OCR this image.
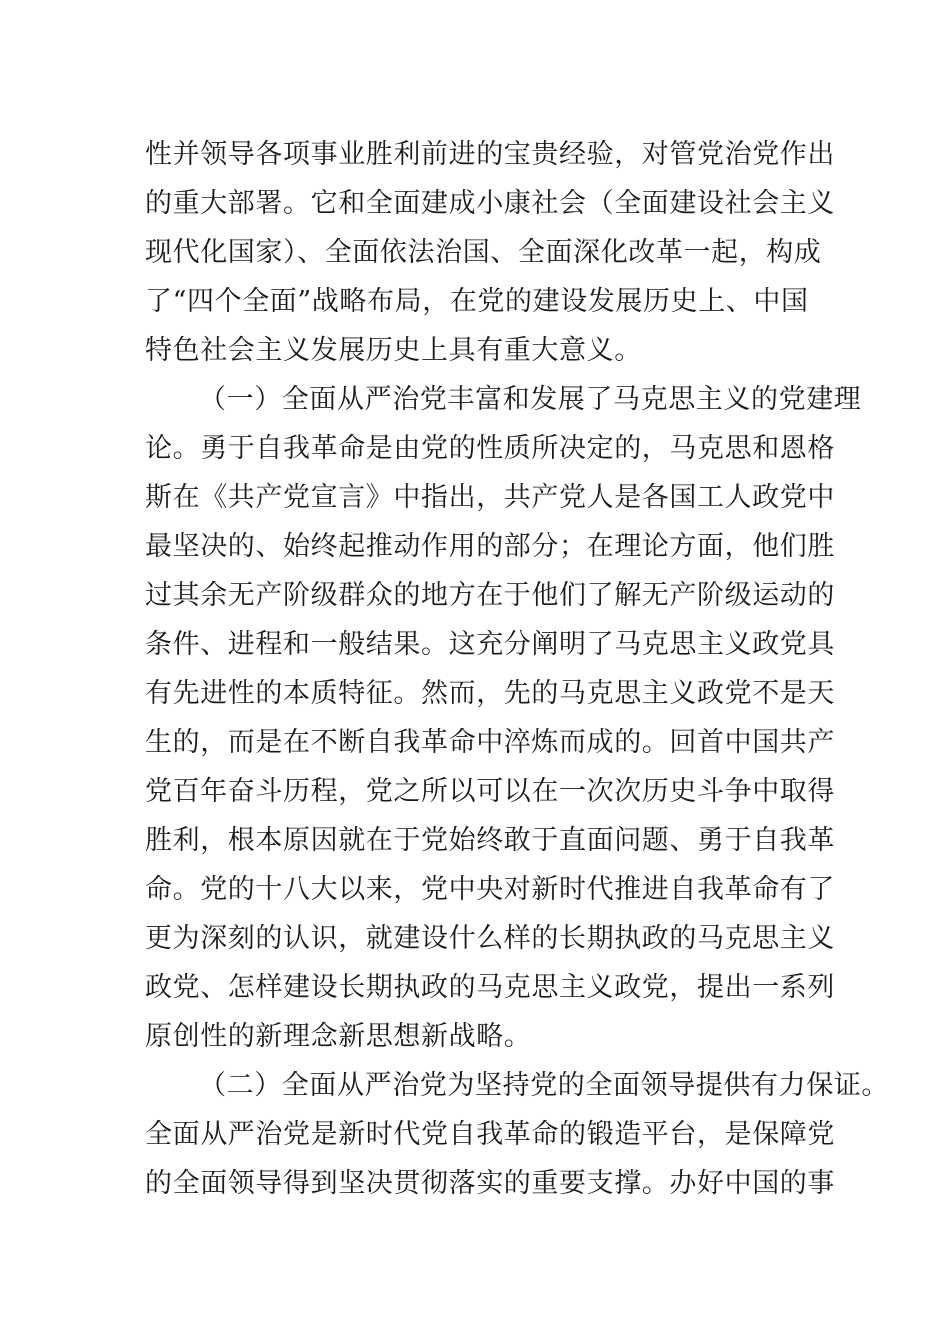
性并领导各项事业胜利前进的宝贵经验，对管党治党作出
的重大部署。它和全面建成小康社会（全面建设社会主义
现代化国家）、全面依法治国、全面深化改革一起，构成
了“四个全面”战略布局，在党的建设发展历史上、中国
特色社会主义发展历史上具有重大意义。
（一）全面从严治党丰富和发展了马克思主义的党建理
论。勇于自我革命是由党的性质所决定的，马克思和恩格
斯在《共产党宣言》中指出，共产党人是各国工人政党中
最坚决的、始终起推动作用的部分；在理论方面，他们胜
过其余无产阶级群众的地方在于他们了解无产阶级运动的
条件、进程和一般结果。这充分阐明了马克思主义政党具
有先进性的本质特征。然而，先的马克思主义政党不是天
生的，而是在不断自我革命中淬炼而成的。回首中国共产
党百年奋斗历程，党之所以可以在一次次历史斗争中取得
胜利，根本原因就在于党始终敢于直面问题、勇于自我革
命。党的十八大以来，党中央对新时代推进自我革命有了
更为深刻的认识，就建设什么样的长期执政的马克思主义
政党、怎样建设长期执政的马克思主义政党，提出一系列
原创性的新理念新思想新战略。
（二）全面从严治党为坚持党的全面领导提供有力保证。
全面从严治党是新时代党自我革命的锻造平台，是保障党
的全面领导得到坚决贯彻落实的重要支撑。办好中国的事
